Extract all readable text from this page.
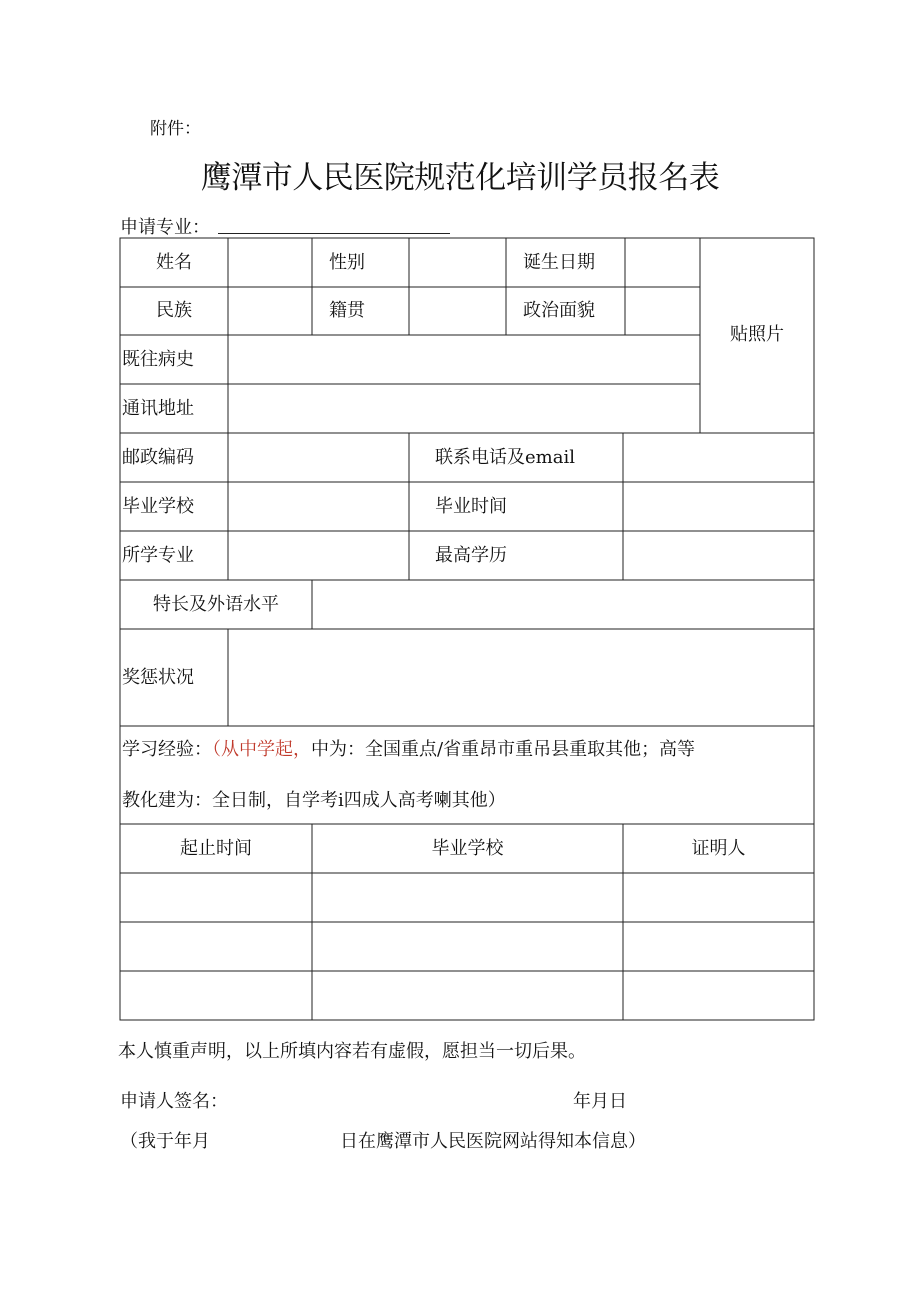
附件：
鹰潭市人民医院规范化培训学员报名表
申请专业：
姓名	性别	诞生日期
贴照片
民族	籍贯	政治面貌
既往病史
通讯地址
邮政编码	联系电话及email
毕业学校	毕业时间
所学专业	最高学历
特长及外语水平
奖惩状况
学习经验：（从中学起，中为：全国重点/省重昂市重吊县重取其他；高等
教化建为：全日制，自学考i四成人高考喇其他）
起止时间	毕业学校	证明人
本人慎重声明，以上所填内容若有虚假，愿担当一切后果。
申请人签名：	年月日
（我于年月	日在鹰潭市人民医院网站得知本信息）
